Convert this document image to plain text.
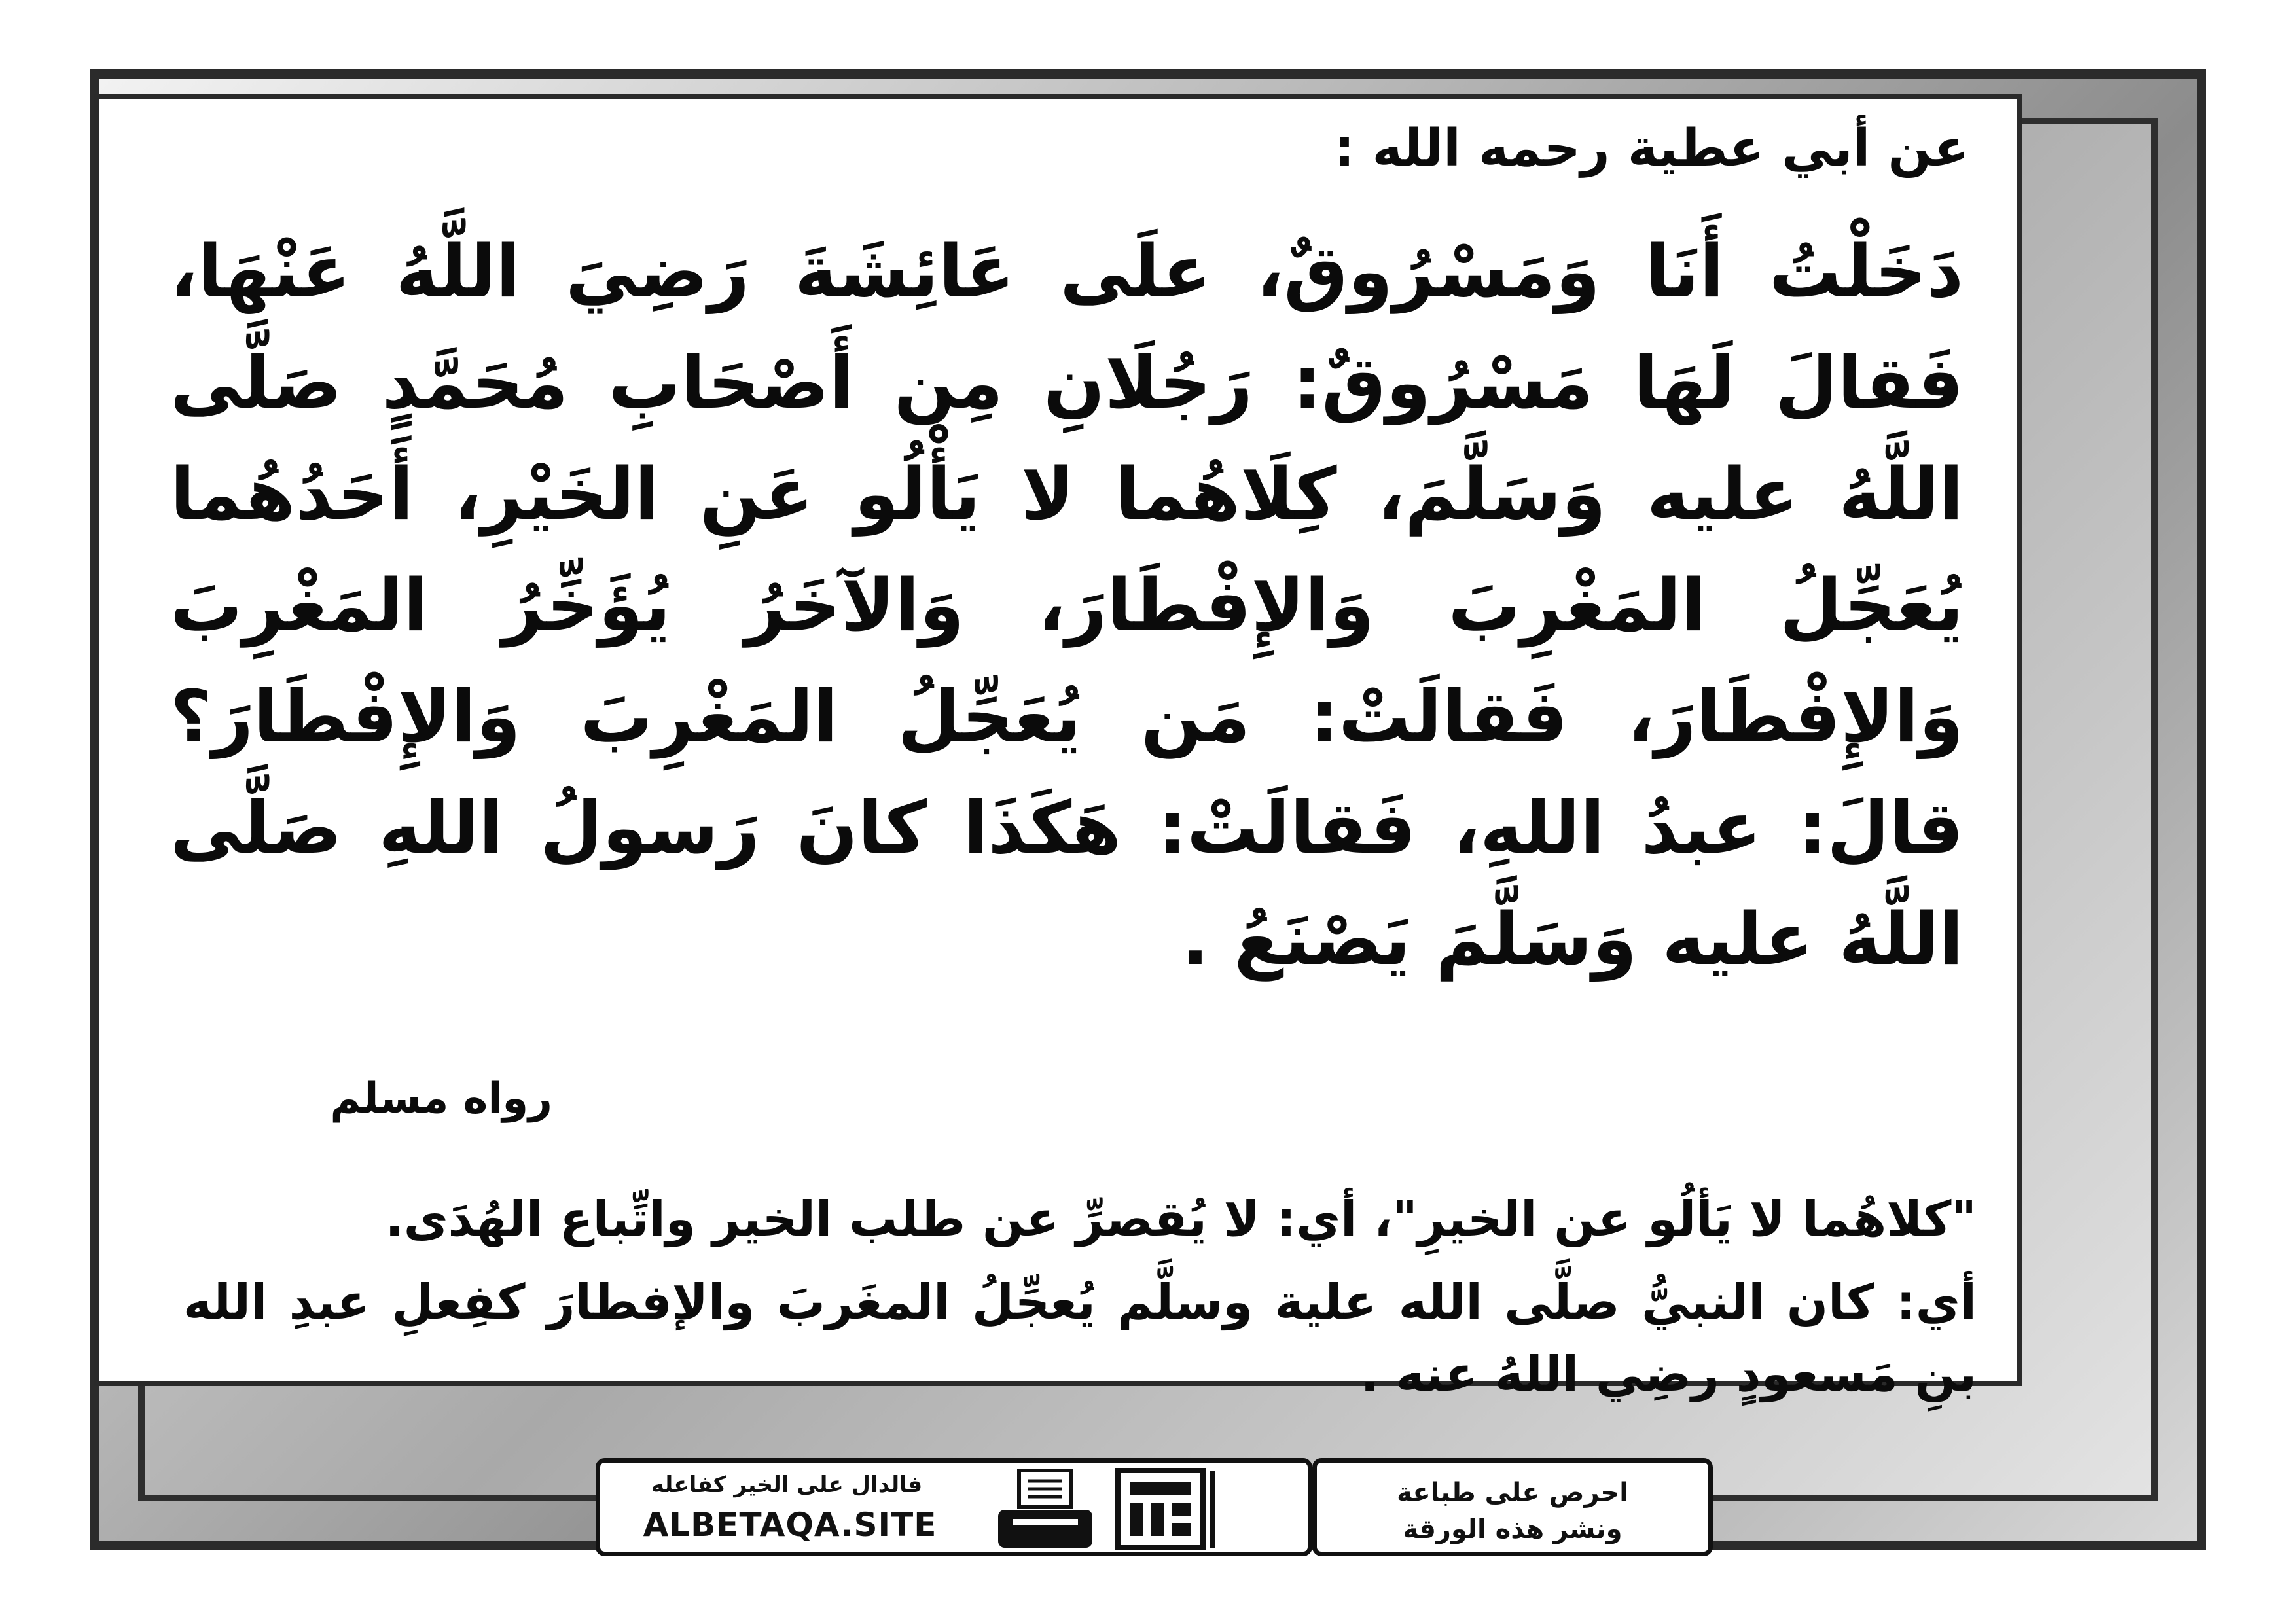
عن أبي عطية رحمه الله :
دَخَلْتُ أَنَا وَمَسْرُوقٌ، علَى عَائِشَةَ رَضِيَ اللَّهُ عَنْهَا، فَقالَ لَهَا مَسْرُوقٌ: رَجُلَانِ مِن أَصْحَابِ مُحَمَّدٍ صَلَّى اللَّهُ عليه وَسَلَّمَ، كِلَاهُما لا يَأْلُو عَنِ الخَيْرِ، أَحَدُهُما يُعَجِّلُ المَغْرِبَ وَالإِفْطَارَ، وَالآخَرُ يُؤَخِّرُ المَغْرِبَ وَالإِفْطَارَ، فَقالَتْ: مَن يُعَجِّلُ المَغْرِبَ وَالإِفْطَارَ؟ قالَ: عبدُ اللهِ، فَقالَتْ: هَكَذَا كانَ رَسولُ اللهِ صَلَّى اللَّهُ عليه وَسَلَّمَ يَصْنَعُ .
رواه مسلم
"كلاهُما لا يَألُو عن الخيرِ"، أي: لا يُقصرِّ عن طلب الخير واتِّباع الهُدَى.
أي: كان النبيُّ صلَّى الله علية وسلَّم يُعجِّلُ المغَربَ والإفطارَ كفِعلِ عبدِ الله بنِ مَسعودٍ رضِي اللهُ عنه .
فالدال على الخير كفاعله
ALBETAQA.SITE
احرص على طباعة
ونشر هذه الورقة
